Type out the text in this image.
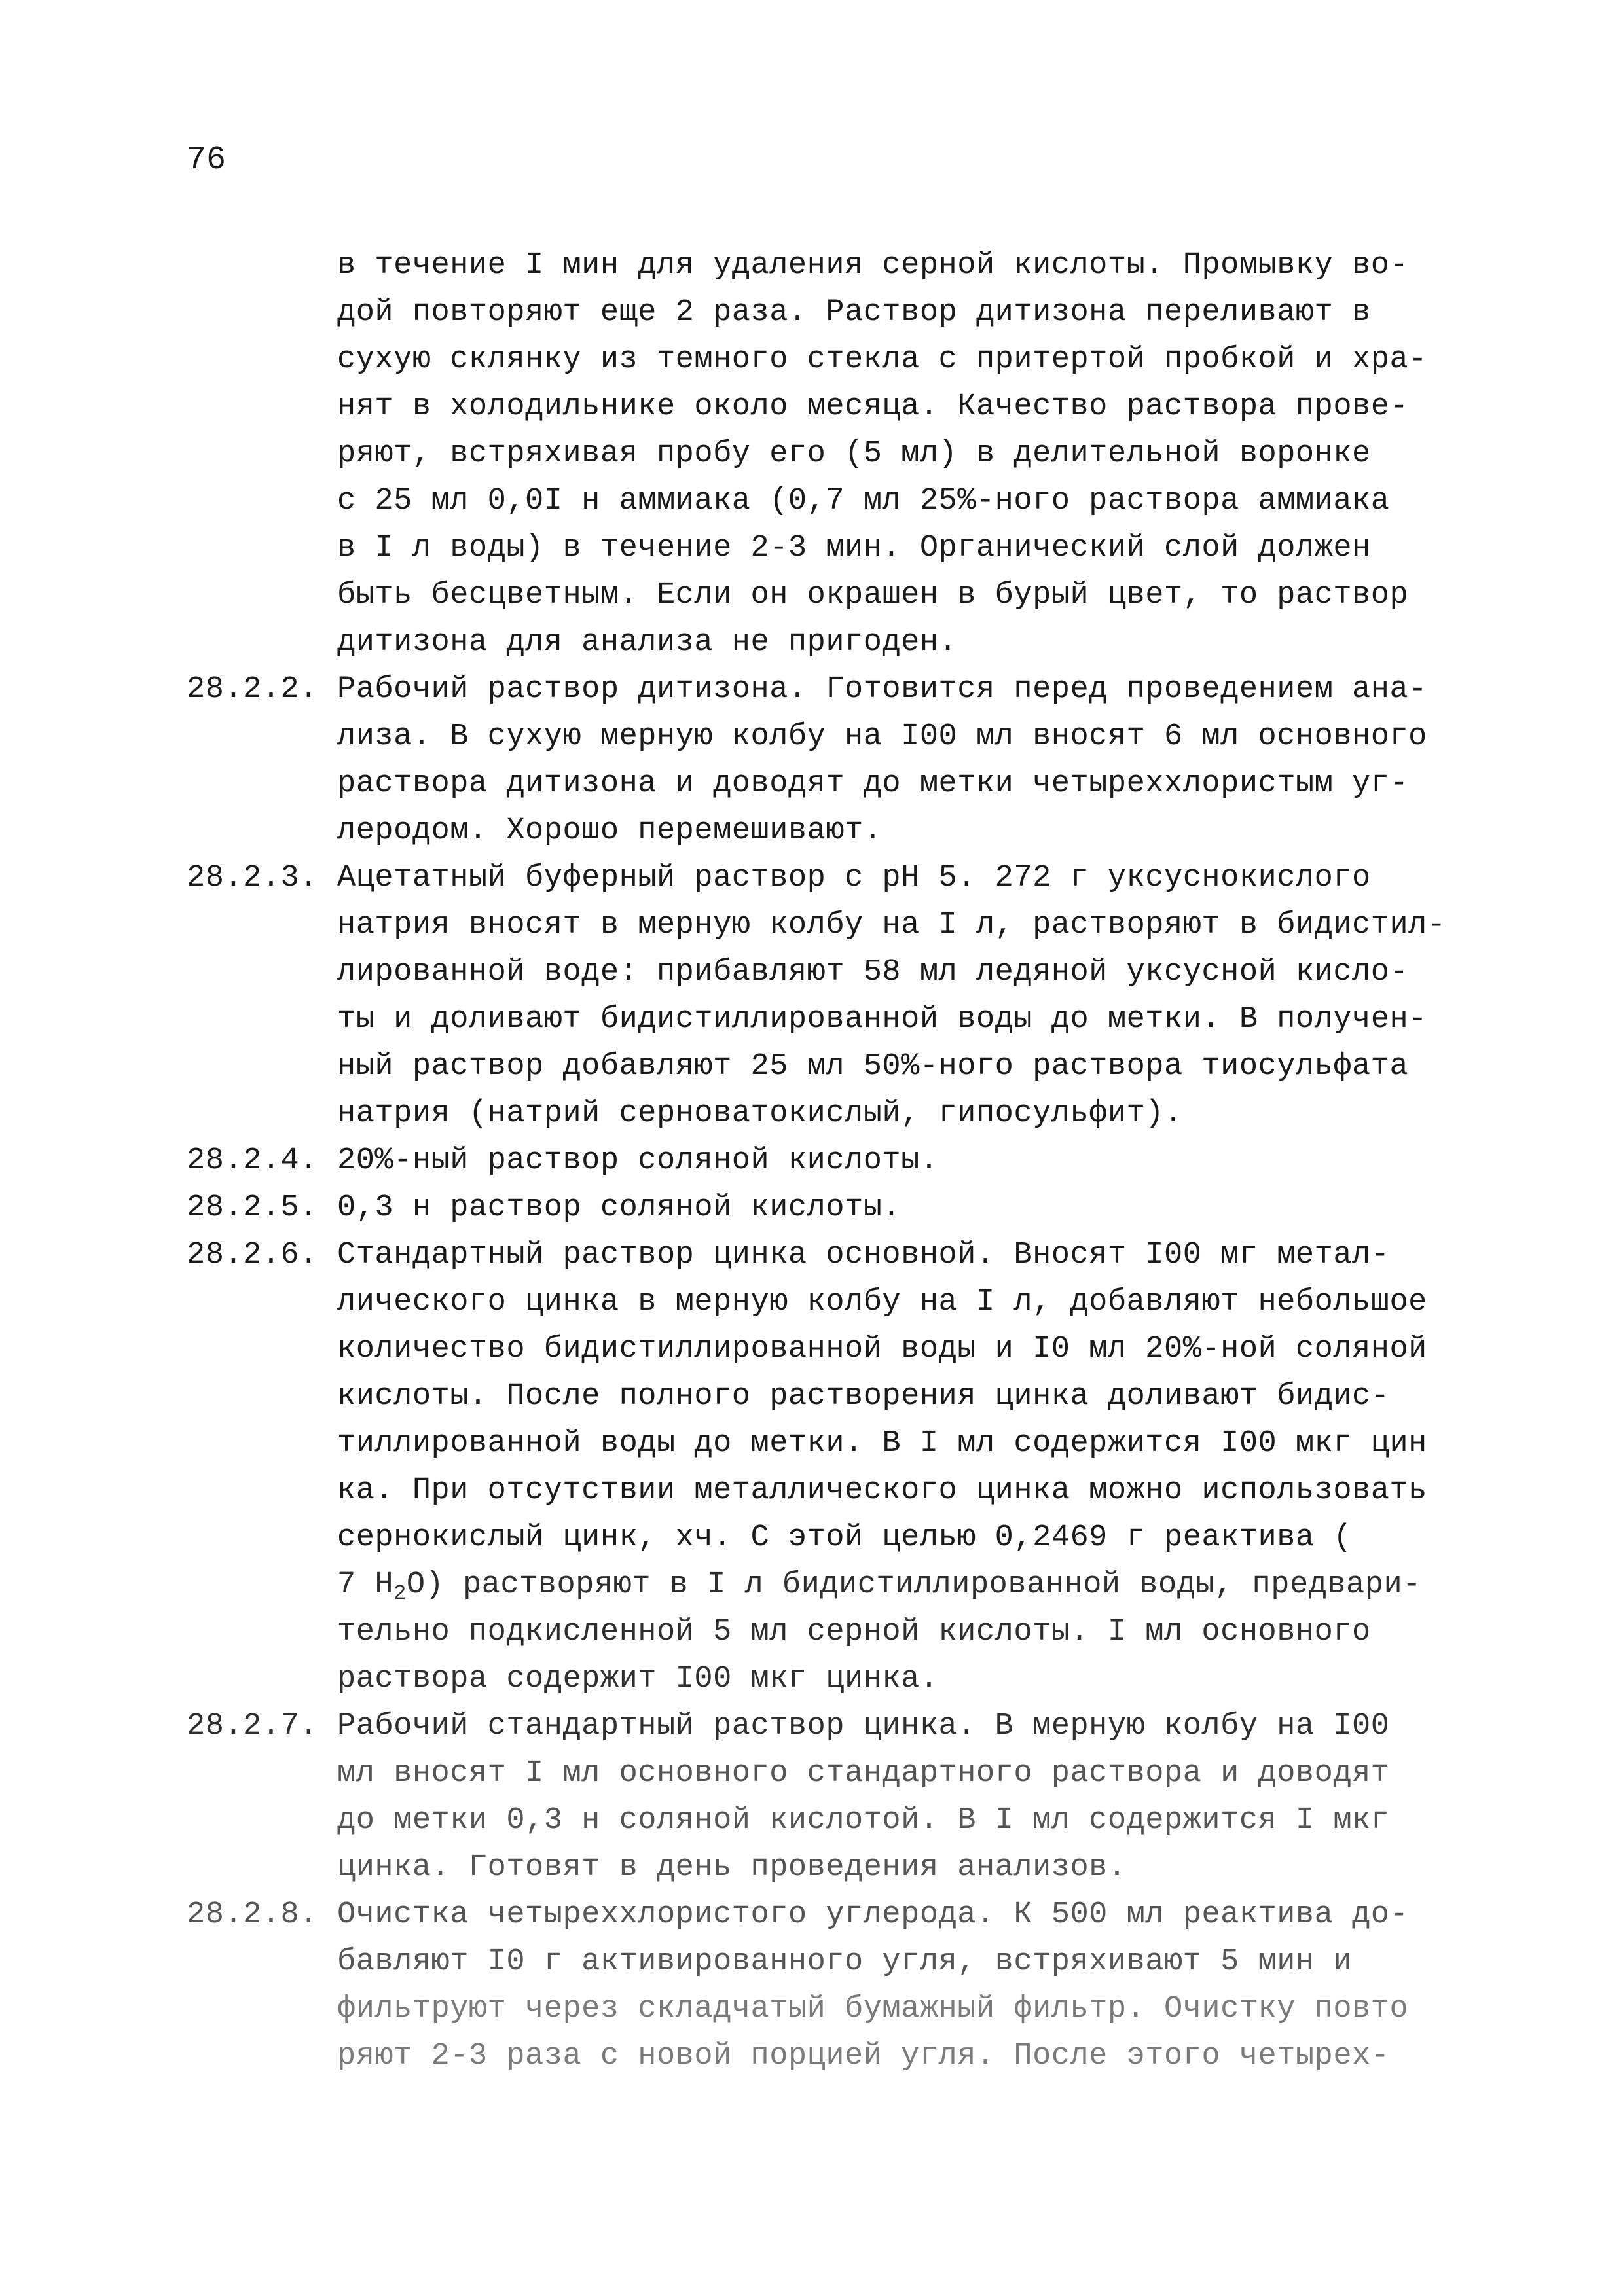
76
в течение I мин для удаления серной кислоты. Промывку во-
дой повторяют еще 2 раза. Раствор дитизона переливают в
сухую склянку из темного стекла с притертой пробкой и хра-
нят в холодильнике около месяца. Качество раствора прове-
ряют, встряхивая пробу его (5 мл) в делительной воронке
с 25 мл 0,0I н аммиака (0,7 мл 25%-ного раствора аммиака
в I л воды) в течение 2-3 мин. Органический слой должен
быть бесцветным. Если он окрашен в бурый цвет, то раствор
дитизона для анализа не пригоден.
28.2.2. Рабочий раствор дитизона. Готовится перед проведением ана-
лиза. В сухую мерную колбу на I00 мл вносят 6 мл основного
раствора дитизона и доводят до метки четыреххлористым уг-
леродом. Хорошо перемешивают.
28.2.3. Ацетатный буферный раствор с рН 5. 272 г уксуснокислого
натрия вносят в мерную колбу на I л, растворяют в бидистил-
лированной воде: прибавляют 58 мл ледяной уксусной кисло-
ты и доливают бидистиллированной воды до метки. В получен-
ный раствор добавляют 25 мл 50%-ного раствора тиосульфата
натрия (натрий серноватокислый, гипосульфит).
28.2.4. 20%-ный раствор соляной кислоты.
28.2.5. 0,3 н раствор соляной кислоты.
28.2.6. Стандартный раствор цинка основной. Вносят I00 мг метал-
лического цинка в мерную колбу на I л, добавляют небольшое
количество бидистиллированной воды и I0 мл 20%-ной соляной
кислоты. После полного растворения цинка доливают бидис-
тиллированной воды до метки. В I мл содержится I00 мкг цин
ка. При отсутствии металлического цинка можно использовать
сернокислый цинк, хч. С этой целью 0,2469 г реактива (
7 $H_2O$) растворяют в I л бидистиллированной воды, предвари-
тельно подкисленной 5 мл серной кислоты. I мл основного
раствора содержит I00 мкг цинка.
28.2.7. Рабочий стандартный раствор цинка. В мерную колбу на I00
мл вносят I мл основного стандартного раствора и доводят
до метки 0,3 н соляной кислотой. В I мл содержится I мкг
цинка. Готовят в день проведения анализов.
28.2.8. Очистка четыреххлористого углерода. К 500 мл реактива до-
бавляют I0 г активированного угля, встряхивают 5 мин и
фильтруют через складчатый бумажный фильтр. Очистку повто
ряют 2-3 раза с новой порцией угля. После этого четырех-
